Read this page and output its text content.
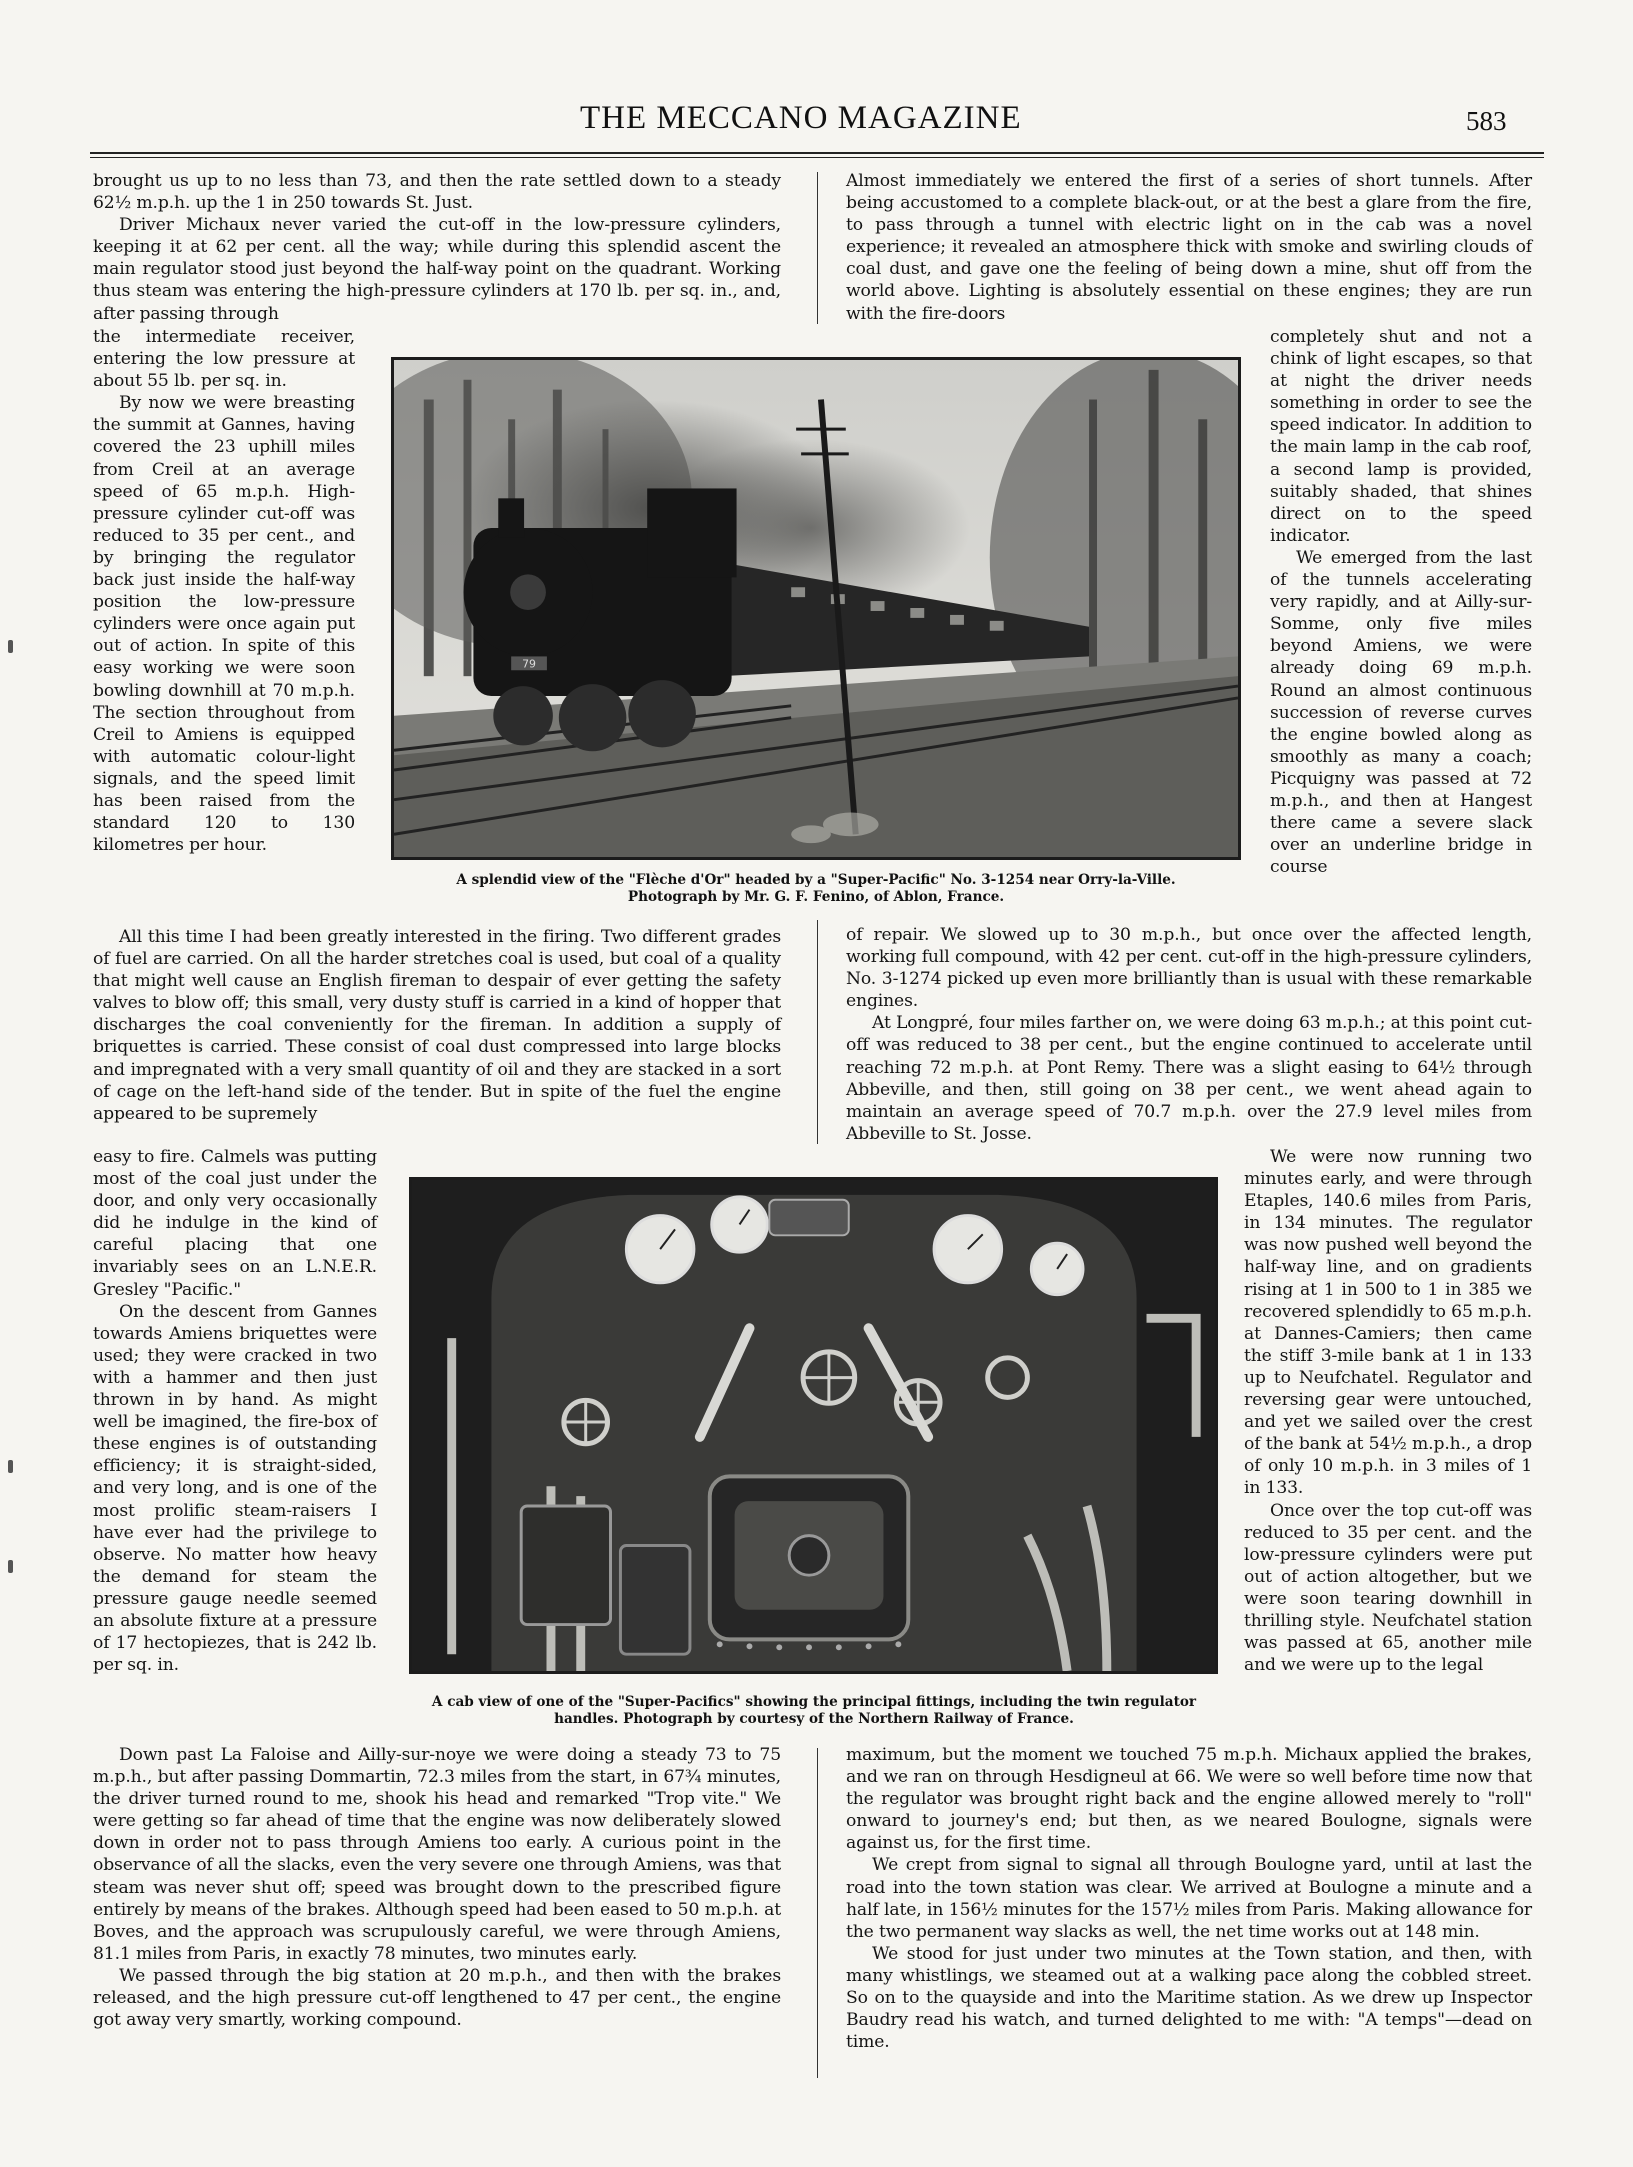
THE MECCANO MAGAZINE	583

brought us up to no less than 73, and then the rate settled down to a steady 62½ m.p.h. up the 1 in 250 towards St. Just.

Driver Michaux never varied the cut-off in the low-pressure cylinders, keeping it at 62 per cent. all the way; while during this splendid ascent the main regulator stood just beyond the half-way point on the quadrant. Working thus steam was entering the high-pressure cylinders at 170 lb. per sq. in., and, after passing through

the intermediate receiver, entering the low pressure at about 55 lb. per sq. in.

By now we were breasting the summit at Gannes, having covered the 23 uphill miles from Creil at an average speed of 65 m.p.h. High-pressure cylinder cut-off was reduced to 35 per cent., and by bringing the regulator back just inside the half-way position the low-pressure cylinders were once again put out of action. In spite of this easy working we were soon bowling downhill at 70 m.p.h. The section throughout from Creil to Amiens is equipped with automatic colour-light signals, and the speed limit has been raised from the standard 120 to 130 kilometres per hour.

All this time I had been greatly interested in the firing. Two different grades of fuel are carried. On all the harder stretches coal is used, but coal of a quality that might well cause an English fireman to despair of ever getting the safety valves to blow off; this small, very dusty stuff is carried in a kind of hopper that discharges the coal conveniently for the fireman. In addition a supply of briquettes is carried. These consist of coal dust compressed into large blocks and impregnated with a very small quantity of oil and they are stacked in a sort of cage on the left-hand side of the tender. But in spite of the fuel the engine appeared to be supremely

easy to fire. Calmels was putting most of the coal just under the door, and only very occasionally did he indulge in the kind of careful placing that one invariably sees on an L.N.E.R. Gresley "Pacific."

On the descent from Gannes towards Amiens briquettes were used; they were cracked in two with a hammer and then just thrown in by hand. As might well be imagined, the fire-box of these engines is of outstanding efficiency; it is straight-sided, and very long, and is one of the most prolific steam-raisers I have ever had the privilege to observe. No matter how heavy the demand for steam the pressure gauge needle seemed an absolute fixture at a pressure of 17 hectopiezes, that is 242 lb. per sq. in.

Down past La Faloise and Ailly-sur-noye we were doing a steady 73 to 75 m.p.h., but after passing Dommartin, 72.3 miles from the start, in 67¾ minutes, the driver turned round to me, shook his head and remarked "Trop vite." We were getting so far ahead of time that the engine was now deliberately slowed down in order not to pass through Amiens too early. A curious point in the observance of all the slacks, even the very severe one through Amiens, was that steam was never shut off; speed was brought down to the prescribed figure entirely by means of the brakes. Although speed had been eased to 50 m.p.h. at Boves, and the approach was scrupulously careful, we were through Amiens, 81.1 miles from Paris, in exactly 78 minutes, two minutes early.

We passed through the big station at 20 m.p.h., and then with the brakes released, and the high pressure cut-off lengthened to 47 per cent., the engine got away very smartly, working compound.

Almost immediately we entered the first of a series of short tunnels. After being accustomed to a complete black-out, or at the best a glare from the fire, to pass through a tunnel with electric light on in the cab was a novel experience; it revealed an atmosphere thick with smoke and swirling clouds of coal dust, and gave one the feeling of being down a mine, shut off from the world above. Lighting is absolutely essential on these engines; they are run with the fire-doors

completely shut and not a chink of light escapes, so that at night the driver needs something in order to see the speed indicator. In addition to the main lamp in the cab roof, a second lamp is provided, suitably shaded, that shines direct on to the speed indicator.

We emerged from the last of the tunnels accelerating very rapidly, and at Ailly-sur-Somme, only five miles beyond Amiens, we were already doing 69 m.p.h. Round an almost continuous succession of reverse curves the engine bowled along as smoothly as many a coach; Picquigny was passed at 72 m.p.h., and then at Hangest there came a severe slack over an underline bridge in course

of repair. We slowed up to 30 m.p.h., but once over the affected length, working full compound, with 42 per cent. cut-off in the high-pressure cylinders, No. 3-1274 picked up even more brilliantly than is usual with these remarkable engines.

At Longpré, four miles farther on, we were doing 63 m.p.h.; at this point cut-off was reduced to 38 per cent., but the engine continued to accelerate until reaching 72 m.p.h. at Pont Remy. There was a slight easing to 64½ through Abbeville, and then, still going on 38 per cent., we went ahead again to maintain an average speed of 70.7 m.p.h. over the 27.9 level miles from Abbeville to St. Josse.

We were now running two minutes early, and were through Etaples, 140.6 miles from Paris, in 134 minutes. The regulator was now pushed well beyond the half-way line, and on gradients rising at 1 in 500 to 1 in 385 we recovered splendidly to 65 m.p.h. at Dannes-Camiers; then came the stiff 3-mile bank at 1 in 133 up to Neufchatel. Regulator and reversing gear were untouched, and yet we sailed over the crest of the bank at 54½ m.p.h., a drop of only 10 m.p.h. in 3 miles of 1 in 133.

Once over the top cut-off was reduced to 35 per cent. and the low-pressure cylinders were put out of action altogether, but we were soon tearing downhill in thrilling style. Neufchatel station was passed at 65, another mile and we were up to the legal

maximum, but the moment we touched 75 m.p.h. Michaux applied the brakes, and we ran on through Hesdigneul at 66. We were so well before time now that the regulator was brought right back and the engine allowed merely to "roll" onward to journey's end; but then, as we neared Boulogne, signals were against us, for the first time.

We crept from signal to signal all through Boulogne yard, until at last the road into the town station was clear. We arrived at Boulogne a minute and a half late, in 156½ minutes for the 157½ miles from Paris. Making allowance for the two permanent way slacks as well, the net time works out at 148 min.

We stood for just under two minutes at the Town station, and then, with many whistlings, we steamed out at a walking pace along the cobbled street. So on to the quayside and into the Maritime station. As we drew up Inspector Baudry read his watch, and turned delighted to me with: "A temps"—dead on time.

79
A splendid view of the "Flèche d'Or" headed by a "Super-Pacific" No. 3-1254 near Orry-la-Ville.
Photograph by Mr. G. F. Fenino, of Ablon, France.
A cab view of one of the "Super-Pacifics" showing the principal fittings, including the twin regulator
handles. Photograph by courtesy of the Northern Railway of France.
